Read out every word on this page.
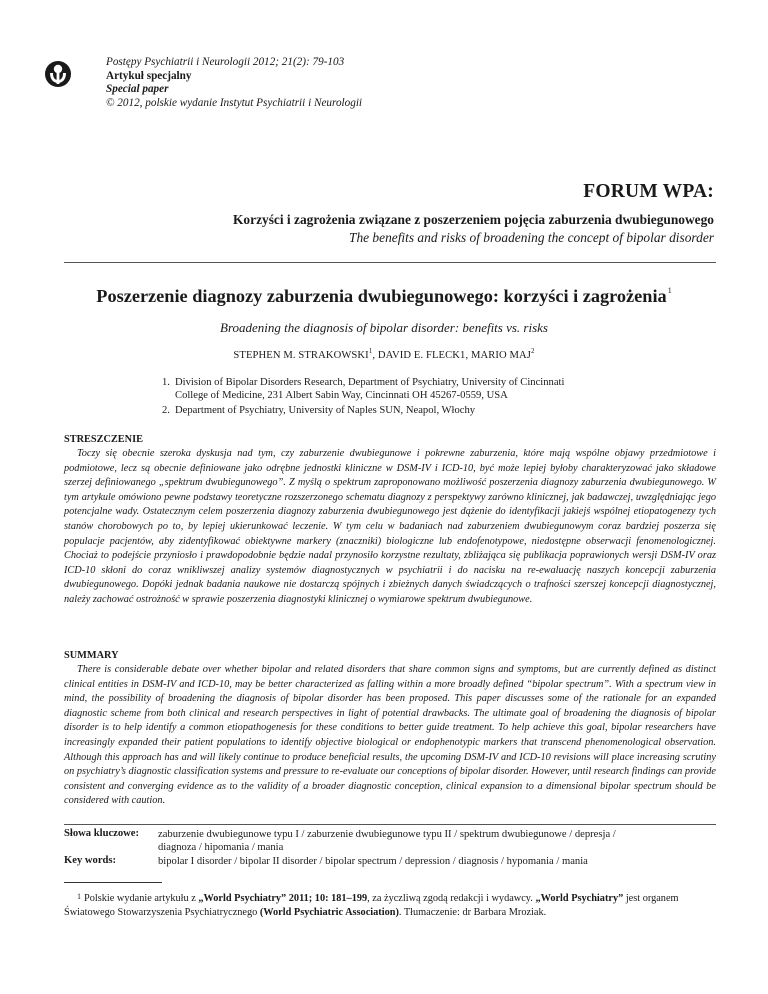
Postępy Psychiatrii i Neurologii 2012; 21(2): 79-103
Artykuł specjalny
Special paper
© 2012, polskie wydanie Instytut Psychiatrii i Neurologii
FORUM WPA:
Korzyści i zagrożenia związane z poszerzeniem pojęcia zaburzenia dwubiegunowego
The benefits and risks of broadening the concept of bipolar disorder
Poszerzenie diagnozy zaburzenia dwubiegunowego: korzyści i zagrożenia$^1$
Broadening the diagnosis of bipolar disorder: benefits vs. risks
STEPHEN M. STRAKOWSKI$^1$, DAVID E. FLECK1, MARIO MAJ$^2$
1. Division of Bipolar Disorders Research, Department of Psychiatry, University of Cincinnati
College of Medicine, 231 Albert Sabin Way, Cincinnati OH 45267-0559, USA
2. Department of Psychiatry, University of Naples SUN, Neapol, Włochy
STRESZCZENIE

Toczy się obecnie szeroka dyskusja nad tym, czy zaburzenie dwubiegunowe i pokrewne zaburzenia, które mają wspólne objawy przedmiotowe i podmiotowe, lecz są obecnie definiowane jako odrębne jednostki kliniczne w DSM-IV i ICD-10, być może lepiej byłoby charakteryzować jako składowe szerzej definiowanego „spektrum dwubiegunowego”. Z myślą o spektrum zaproponowano możliwość poszerzenia diagnozy zaburzenia dwubiegunowego. W tym artykule omówiono pewne podstawy teoretyczne rozszerzonego schematu diagnozy z perspektywy zarówno klinicznej, jak badawczej, uwzględniając jego potencjalne wady. Ostatecznym celem poszerzenia diagnozy zaburzenia dwubiegunowego jest dążenie do identyfikacji jakiejś wspólnej etiopatogenezy tych stanów chorobowych po to, by lepiej ukierunkować leczenie. W tym celu w badaniach nad zaburzeniem dwubiegunowym coraz bardziej poszerza się populacje pacjentów, aby zidentyfikować obiektywne markery (znaczniki) biologiczne lub endofenotypowe, niedostępne obserwacji fenomenologicznej. Chociaż to podejście przyniosło i prawdopodobnie będzie nadal przynosiło korzystne rezultaty, zbliżająca się publikacja poprawionych wersji DSM-IV oraz ICD-10 skłoni do coraz wnikliwszej analizy systemów diagnostycznych w psychiatrii i do nacisku na re-ewaluację naszych koncepcji zaburzenia dwubiegunowego. Dopóki jednak badania naukowe nie dostarczą spójnych i zbieżnych danych świadczących o trafności szerszej koncepcji diagnostycznej, należy zachować ostrożność w sprawie poszerzenia diagnostyki klinicznej o wymiarowe spektrum dwubiegunowe.

SUMMARY

There is considerable debate over whether bipolar and related disorders that share common signs and symptoms, but are currently defined as distinct clinical entities in DSM-IV and ICD-10, may be better characterized as falling within a more broadly defined “bipolar spectrum”. With a spectrum view in mind, the possibility of broadening the diagnosis of bipolar disorder has been proposed. This paper discusses some of the rationale for an expanded diagnostic scheme from both clinical and research perspectives in light of potential drawbacks. The ultimate goal of broadening the diagnosis of bipolar disorder is to help identify a common etiopathogenesis for these conditions to better guide treatment. To help achieve this goal, bipolar researchers have increasingly expanded their patient populations to identify objective biological or endophenotypic markers that transcend phenomenological observation. Although this approach has and will likely continue to produce beneficial results, the upcoming DSM-IV and ICD-10 revisions will place increasing scrutiny on psychiatry’s diagnostic classification systems and pressure to re-evaluate our conceptions of bipolar disorder. However, until research findings can provide consistent and converging evidence as to the validity of a broader diagnostic conception, clinical expansion to a dimensional bipolar spectrum should be considered with caution.

Słowa kluczowe: zaburzenie dwubiegunowe typu I / zaburzenie dwubiegunowe typu II / spektrum dwubiegunowe / depresja /
diagnoza / hipomania / mania
Key words:	bipolar I disorder / bipolar II disorder / bipolar spectrum / depression / diagnosis / hypomania / mania
$^1$ Polskie wydanie artykułu z „World Psychiatry” 2011; 10: 181–199, za życzliwą zgodą redakcji i wydawcy. „World Psychiatry” jest organem Światowego Stowarzyszenia Psychiatrycznego (World Psychiatric Association). Tłumaczenie: dr Barbara Mroziak.
